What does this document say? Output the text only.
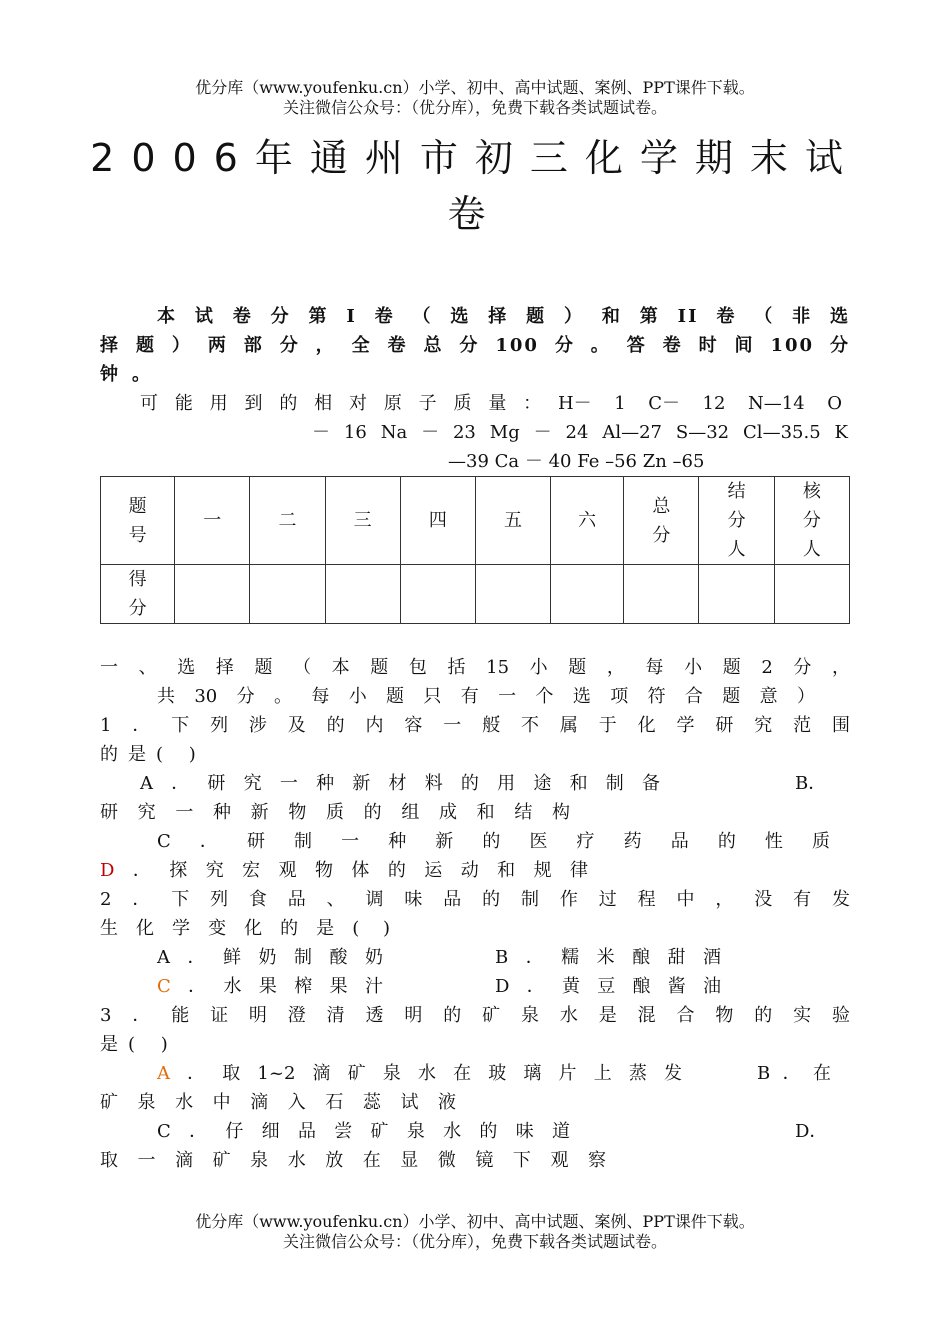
优分库（www.youfenku.cn）小学、初中、高中试题、案例、PPT课件下载。
关注微信公众号：（优分库），免费下载各类试题试卷。
2006年通州市初三化学期末试
卷
本试卷分第I卷（选择题）和第II卷（非选
择题）两部分，全卷总分100分。答卷时间100分
钟。
可能用到的相对原子质量：H－ 1 C－ 12 N—14 O
－ 16 Na － 23 Mg － 24 Al—27 S—32 Cl—35.5 K
—39 Ca － 40 Fe –56 Zn –65
题号	一	二	三	四	五	六	总分	结分人	核分人
得分									
一、选择题（本题包括15小题，每小题2分，
共30分。每小题只有一个选项符合题意）
1．下列涉及的内容一般不属于化学研究范围
的是( )
A．研究一种新材料的用途和制备	B．
研究一种新物质的组成和结构
C．研制一种新的医疗药品的性质
D．探究宏观物体的运动和规律
2．下列食品、调味品的制作过程中，没有发
生化学变化的是( )
A．鲜奶制酸奶	B．糯米酿甜酒
C．水果榨果汁	D．黄豆酿酱油
3．能证明澄清透明的矿泉水是混合物的实验
是( )
A．取1~2滴矿泉水在玻璃片上蒸发	B．在
矿泉水中滴入石蕊试液
C．仔细品尝矿泉水的味道	D．
取一滴矿泉水放在显微镜下观察
优分库（www.youfenku.cn）小学、初中、高中试题、案例、PPT课件下载。
关注微信公众号：（优分库），免费下载各类试题试卷。
